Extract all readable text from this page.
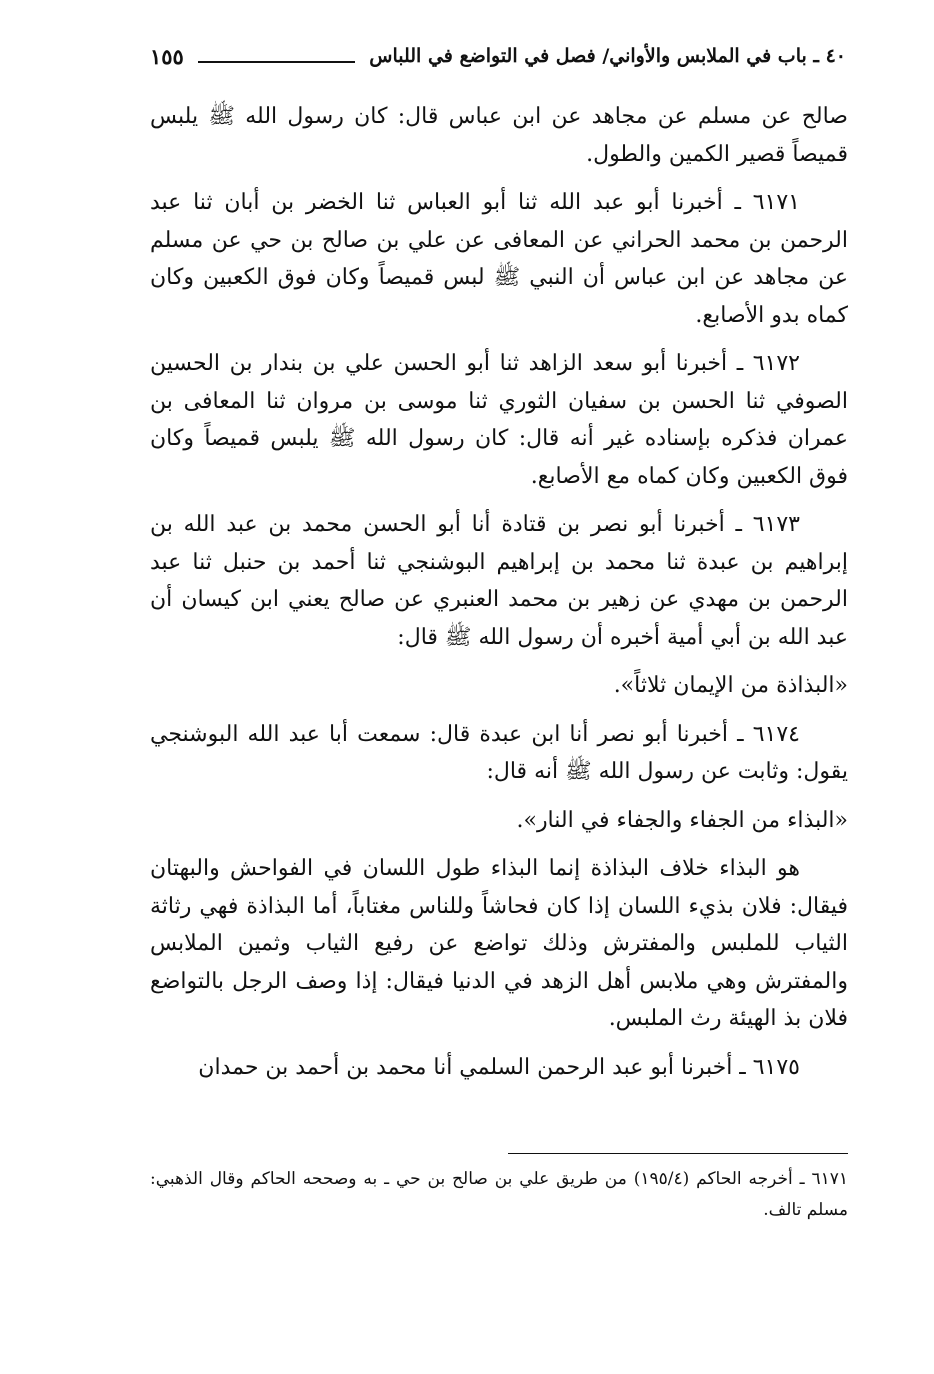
٤٠ ـ باب في الملابس والأواني/ فصل في التواضع في اللباس
١٥٥

صالح عن مسلم عن مجاهد عن ابن عباس قال: كان رسول الله ﷺ يلبس قميصاً قصير الكمين والطول.

٦١٧١ ـ أخبرنا أبو عبد الله ثنا أبو العباس ثنا الخضر بن أبان ثنا عبد الرحمن بن محمد الحراني عن المعافى عن علي بن صالح بن حي عن مسلم عن مجاهد عن ابن عباس أن النبي ﷺ لبس قميصاً وكان فوق الكعبين وكان كماه بدو الأصابع.

٦١٧٢ ـ أخبرنا أبو سعد الزاهد ثنا أبو الحسن علي بن بندار بن الحسين الصوفي ثنا الحسن بن سفيان الثوري ثنا موسى بن مروان ثنا المعافى بن عمران فذكره بإسناده غير أنه قال: كان رسول الله ﷺ يلبس قميصاً وكان فوق الكعبين وكان كماه مع الأصابع.

٦١٧٣ ـ أخبرنا أبو نصر بن قتادة أنا أبو الحسن محمد بن عبد الله بن إبراهيم بن عبدة ثنا محمد بن إبراهيم البوشنجي ثنا أحمد بن حنبل ثنا عبد الرحمن بن مهدي عن زهير بن محمد العنبري عن صالح يعني ابن كيسان أن عبد الله بن أبي أمية أخبره أن رسول الله ﷺ قال:

«البذاذة من الإيمان ثلاثاً».

٦١٧٤ ـ أخبرنا أبو نصر أنا ابن عبدة قال: سمعت أبا عبد الله البوشنجي يقول: وثابت عن رسول الله ﷺ أنه قال:

«البذاء من الجفاء والجفاء في النار».

هو البذاء خلاف البذاذة إنما البذاء طول اللسان في الفواحش والبهتان فيقال: فلان بذيء اللسان إذا كان فحاشاً وللناس مغتاباً، أما البذاذة فهي رثاثة الثياب للملبس والمفترش وذلك تواضع عن رفيع الثياب وثمين الملابس والمفترش وهي ملابس أهل الزهد في الدنيا فيقال: إذا وصف الرجل بالتواضع فلان بذ الهيئة رث الملبس.

٦١٧٥ ـ أخبرنا أبو عبد الرحمن السلمي أنا محمد بن أحمد بن حمدان

٦١٧١ ـ أخرجه الحاكم (١٩٥/٤) من طريق علي بن صالح بن حي ـ به وصححه الحاكم وقال الذهبي: مسلم تالف.
